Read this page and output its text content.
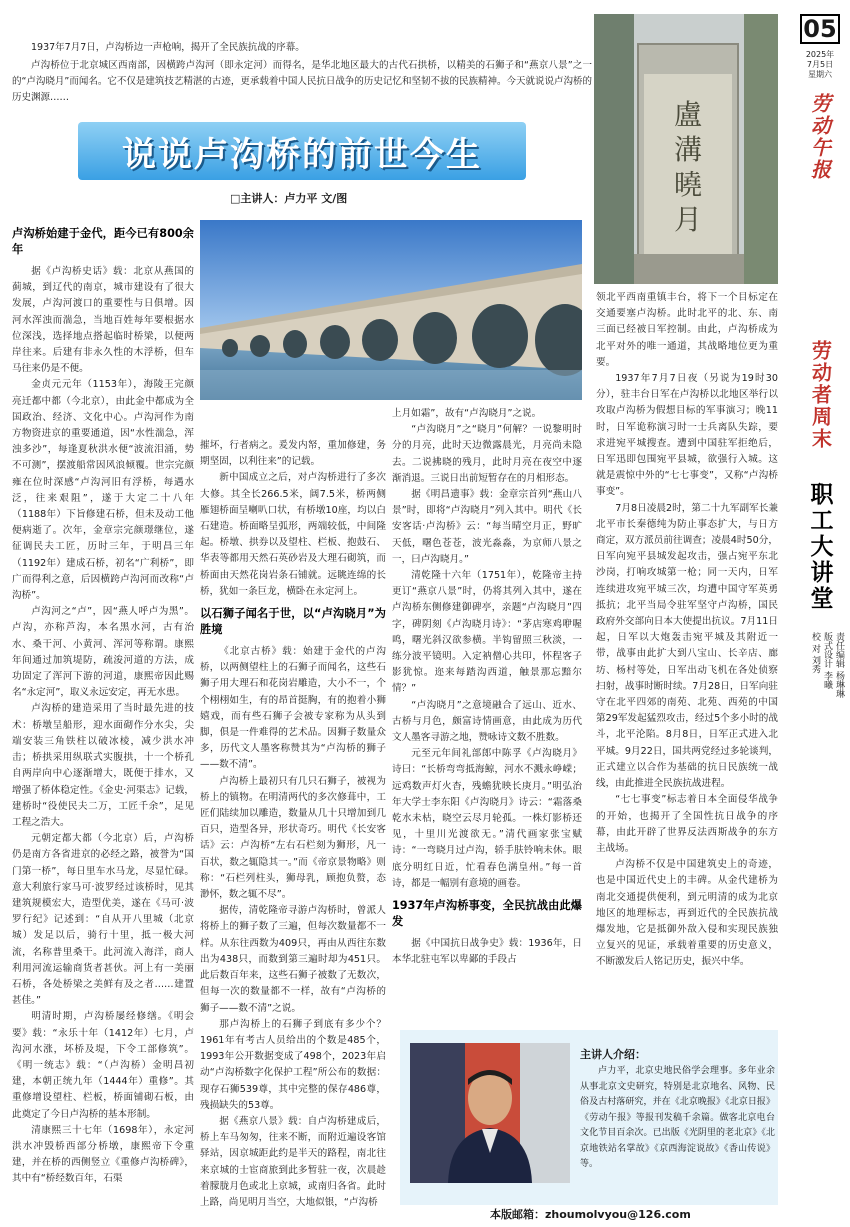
1937年7月7日，卢沟桥边一声枪响，揭开了全民族抗战的序幕。

卢沟桥位于北京城区西南部，因横跨卢沟河（即永定河）而得名，是华北地区最大的古代石拱桥，以精美的石狮子和“燕京八景”之一的“卢沟晓月”而闻名。它不仅是建筑技艺精湛的古迹，更承载着中国人民抗日战争的历史记忆和坚韧不拔的民族精神。今天就说说卢沟桥的历史渊源……

说说卢沟桥的前世今生
□主讲人：卢力平 文/图
盧
溝
曉
月
卢沟桥始建于金代，距今已有800余年

据《卢沟桥史话》载：北京从燕国的蓟城，到辽代的南京，城市建设有了很大发展，卢沟河渡口的重要性与日俱增。因河水浑浊而湍急，当地百姓每年要根据水位深浅，选择地点搭起临时桥梁，以便两岸往来。后建有非永久性的木浮桥，但车马往来仍是不便。

金贞元元年（1153年），海陵王完颜亮迁都中都（今北京），由此金中都成为全国政治、经济、文化中心。卢沟河作为南方物资进京的重要通道，因“水性湍急，浑浊多沙”，每逢夏秋洪水便“波流泪涌，势不可测”，摆渡船常因风浪倾覆。世宗完颜雍在位时深感“卢沟河旧有浮桥，每遇水泛，往来艰阻”，遂于大定二十八年（1188年）下旨修建石桥，但未及动工他便病逝了。次年，金章宗完颜璟继位，遂征调民夫工匠，历时三年，于明昌三年（1192年）建成石桥，初名“广利桥”，即广而得利之意，后因横跨卢沟河而改称“卢沟桥”。

卢沟河之“卢”，因“燕人呼卢为黑”。卢沟，亦称芦沟，本名黑水河，古有治水、桑干河、小黄河、浑河等称谓。康熙年间通过加筑堤防，疏浚河道的方法，成功固定了浑河下游的河道，康熙帝因此赐名“永定河”，取义永远安定，再无水患。

卢沟桥的建造采用了当时最先进的技术：桥墩呈船形，迎水面砌作分水尖，尖端安装三角铁柱以破冰棱，减少洪水冲击；桥拱采用纵联式实腹拱，十一个桥孔自两岸向中心逐渐增大，既便于排水，又增强了桥体稳定性。《金史·河渠志》记载，建桥时“役使民夫二万，工匠千余”，足见工程之浩大。

元朝定都大都（今北京）后，卢沟桥仍是南方各省进京的必经之路，被誉为“国门第一桥”，每日里车水马龙，尽显忙碌。意大利旅行家马可·波罗经过该桥时，见其建筑规模宏大，造型优美，遂在《马可·波罗行纪》记述到：“自从开八里城（北京城）发足以后，骑行十里，抵一极大河流，名称普里桑干。此河流入海洋，商人利用河流运输商货者甚伙。河上有一美丽石桥，各处桥梁之美鲜有及之者……建置甚佳。”

明清时期，卢沟桥屡经修缮。《明会要》载：“永乐十年（1412年）七月，卢沟河水涨，坏桥及堤，下令工部修筑”。《明一统志》载：“（卢沟桥）金明昌初建，本朝正统九年（1444年）重修”。其重修增设望柱、栏板，桥面铺砌石板，由此奠定了今日卢沟桥的基本形制。

清康熙三十七年（1698年），永定河洪水冲毁桥西部分桥墩，康熙帝下令重建，并在桥的西侧竖立《重修卢沟桥碑》，其中有“桥经数百年，石渠

摧坏，行者病之。爰发内帑，重加修建，务期坚固，以利往来”的记载。

新中国成立之后，对卢沟桥进行了多次大修。其全长266.5米，阔7.5米，桥两侧雁翅桥面呈喇叭口状，有桥墩10座，均以白石建造。桥面略呈弧形，两端较低，中间隆起。桥墩、拱券以及望柱、栏板、抱鼓石、华表等都用天然石英砂岩及大理石砌筑，而桥面由天然花岗岩条石铺就。远眺连绵的长桥，犹如一条巨龙，横卧在永定河上。

以石狮子闻名于世，以“卢沟晓月”为胜境

《北京古桥》载：始建于金代的卢沟桥，以两侧望柱上的石狮子而闻名，这些石狮子用大理石和花岗岩雕造，大小不一，个个栩栩如生，有的昂首挺胸，有的抱着小狮嬉戏，而有些石狮子会被专家称为从头到脚，俱是一件难得的艺术品。因狮子数量众多，历代文人墨客称赞其为“卢沟桥的狮子——数不清”。

卢沟桥上最初只有几只石狮子，被视为桥上的镇物。在明清两代的多次修葺中，工匠们陆续加以雕造，数量从几十只增加到几百只，造型各异，形状奇巧。明代《长安客话》云：卢沟桥“左右石栏刻为狮形，凡一百状，数之辄隐其一。”而《帝京景物略》则称：“石栏列柱头，狮母乳，顾抱负赘，态渺怀，数之辄不尽”。

据传，清乾隆帝寻游卢沟桥时，曾派人将桥上的狮子数了三遍，但每次数量都不一样。从东往西数为409只，再由从西往东数出为438只，而数到第三遍时却为451只。此后数百年来，这些石狮子被数了无数次，但每一次的数量都不一样，故有“卢沟桥的狮子——数不清”之说。

那卢沟桥上的石狮子到底有多少个？1961年有考古人员给出的个数是485个，1993年公开数据变成了498个，2023年启动“卢沟桥数字化保护工程”所公布的数据：现存石狮539尊，其中完整的保存486尊，残损缺失的53尊。

据《燕京八景》载：自卢沟桥建成后，桥上车马匆匆，往来不断，而附近遍设客馆驿站，因京城距此约是半天的路程，南北往来京城的士宦商旅到此多暂驻一夜，次晨趁着朦胧月色或北上京城，或南归各省。此时上路，尚见明月当空，大地似银，“卢沟桥

上月如霜”，故有“卢沟晓月”之说。

“卢沟晓月”之“晓月”何解？一说黎明时分的月亮，此时天边微露晨光，月亮尚未隐去。二说拂晓的残月，此时月亮在夜空中逐渐消退。三说日出前短暂存在的月相形态。

据《明昌遗事》载：金章宗首列“燕山八景”时，即将“卢沟晓月”列入其中。明代《长安客话·卢沟桥》云：“每当晴空月正，野旷天低，曙色苍苍，波光淼淼，为京师八景之一，曰卢沟晓月。”

清乾隆十六年（1751年），乾隆帝主持更订“燕京八景”时，仍将其列入其中，遂在卢沟桥东侧修建御碑亭，亲题“卢沟晓月”四字，碑阴刻《卢沟晓月诗》：“茅店寒鸡咿喔鸣，曙光斜汉欲参横。半钩留照三秋淡，一练分波平镜明。入定衲僧心共印，怀程客子影犹惊。迩来每踏沟西道，触景那忘黯尔情？”

“卢沟晓月”之意境融合了远山、近水、古桥与月色，颇富诗情画意，由此成为历代文人墨客寻游之地，赞咏诗文数不胜数。

元至元年间礼部郎中陈孚《卢沟晓月》诗曰：“长桥弯弯抵海鲸，河水不溅永峥嵘；远鸡数声灯火杳，残蟾犹映长庚月。”明弘治年大学士李东阳《卢沟晓月》诗云：“霜落桑乾水未枯，晓空云尽月轮孤。一株灯影桥还见，十里川光渡欲无。”清代画家张宝赋诗：“一弯晓月过卢沟，轿手肤铃响未休。眼底分明红日近，忙看春色满皇州。”每一首诗，都是一幅别有意境的画卷。

1937年卢沟桥事变，全民抗战由此爆发

据《中国抗日战争史》载：1936年，日本华北驻屯军以卑鄙的手段占

领北平西南重镇丰台，将下一个目标定在交通要塞卢沟桥。此时北平的北、东、南三面已经被日军控制。由此，卢沟桥成为北平对外的唯一通道，其战略地位更为重要。

1937年7月7日夜（另说为19时30分），驻丰台日军在卢沟桥以北地区举行以攻取卢沟桥为假想目标的军事演习；晚11时，日军诡称演习时一士兵离队失踪，要求进宛平城搜查。遭到中国驻军拒绝后，日军迅即包围宛平县城，欲强行入城。这就是震惊中外的“七七事变”，又称“卢沟桥事变”。

7月8日凌晨2时，第二十九军副军长兼北平市长秦德纯为防止事态扩大，与日方商定，双方派员前往调查；凌晨4时50分，日军向宛平县城发起攻击，强占宛平东北沙岗，打响攻城第一枪；同一天内，日军连续进攻宛平城三次，均遭中国守军英勇抵抗；北平当局令驻军坚守卢沟桥，国民政府外交部向日本大使提出抗议。7月11日起，日军以大炮轰击宛平城及其附近一带，战事由此扩大到八宝山、长辛店、廊坊、杨村等处，日军出动飞机在各处侦察扫射，战事时断时续。7月28日，日军向驻守在北平四郊的南苑、北苑、西苑的中国第29军发起猛烈攻击，经过5个多小时的战斗，北平沦陷。8月8日，日军正式进入北平城。9月22日，国共两党经过多轮谈判，正式建立以合作为基础的抗日民族统一战线，由此推进全民族抗战进程。

“七七事变”标志着日本全面侵华战争的开始，也揭开了全国性抗日战争的序幕，由此开辟了世界反法西斯战争的东方主战场。

卢沟桥不仅是中国建筑史上的奇迹，也是中国近代史上的丰碑。从金代建桥为南北交通提供便利，到元明清的成为北京地区的地理标志，再到近代的全民族抗战爆发地，它是抵御外敌入侵和实现民族独立复兴的见证，承载着重要的历史意义，不断激发后人铭记历史，振兴中华。

05
2025年
7月5日
星期六
劳动午报
劳动者周末
职工大讲堂
责任编辑 杨琳琳
版式设计 李曦
校 对 刘秀
主讲人介绍：

卢力平，北京史地民俗学会理事。多年业余从事北京文史研究，特别是北京地名、风物、民俗及古村落研究，并在《北京晚报》《北京日报》《劳动午报》等报刊发稿千余篇。做客北京电台文化节目百余次。已出版《光阴里的老北京》《北京地铁站名掌故》《京西海淀说故》《香山传说》等。

本版邮箱：zhoumolvyou@126.com
